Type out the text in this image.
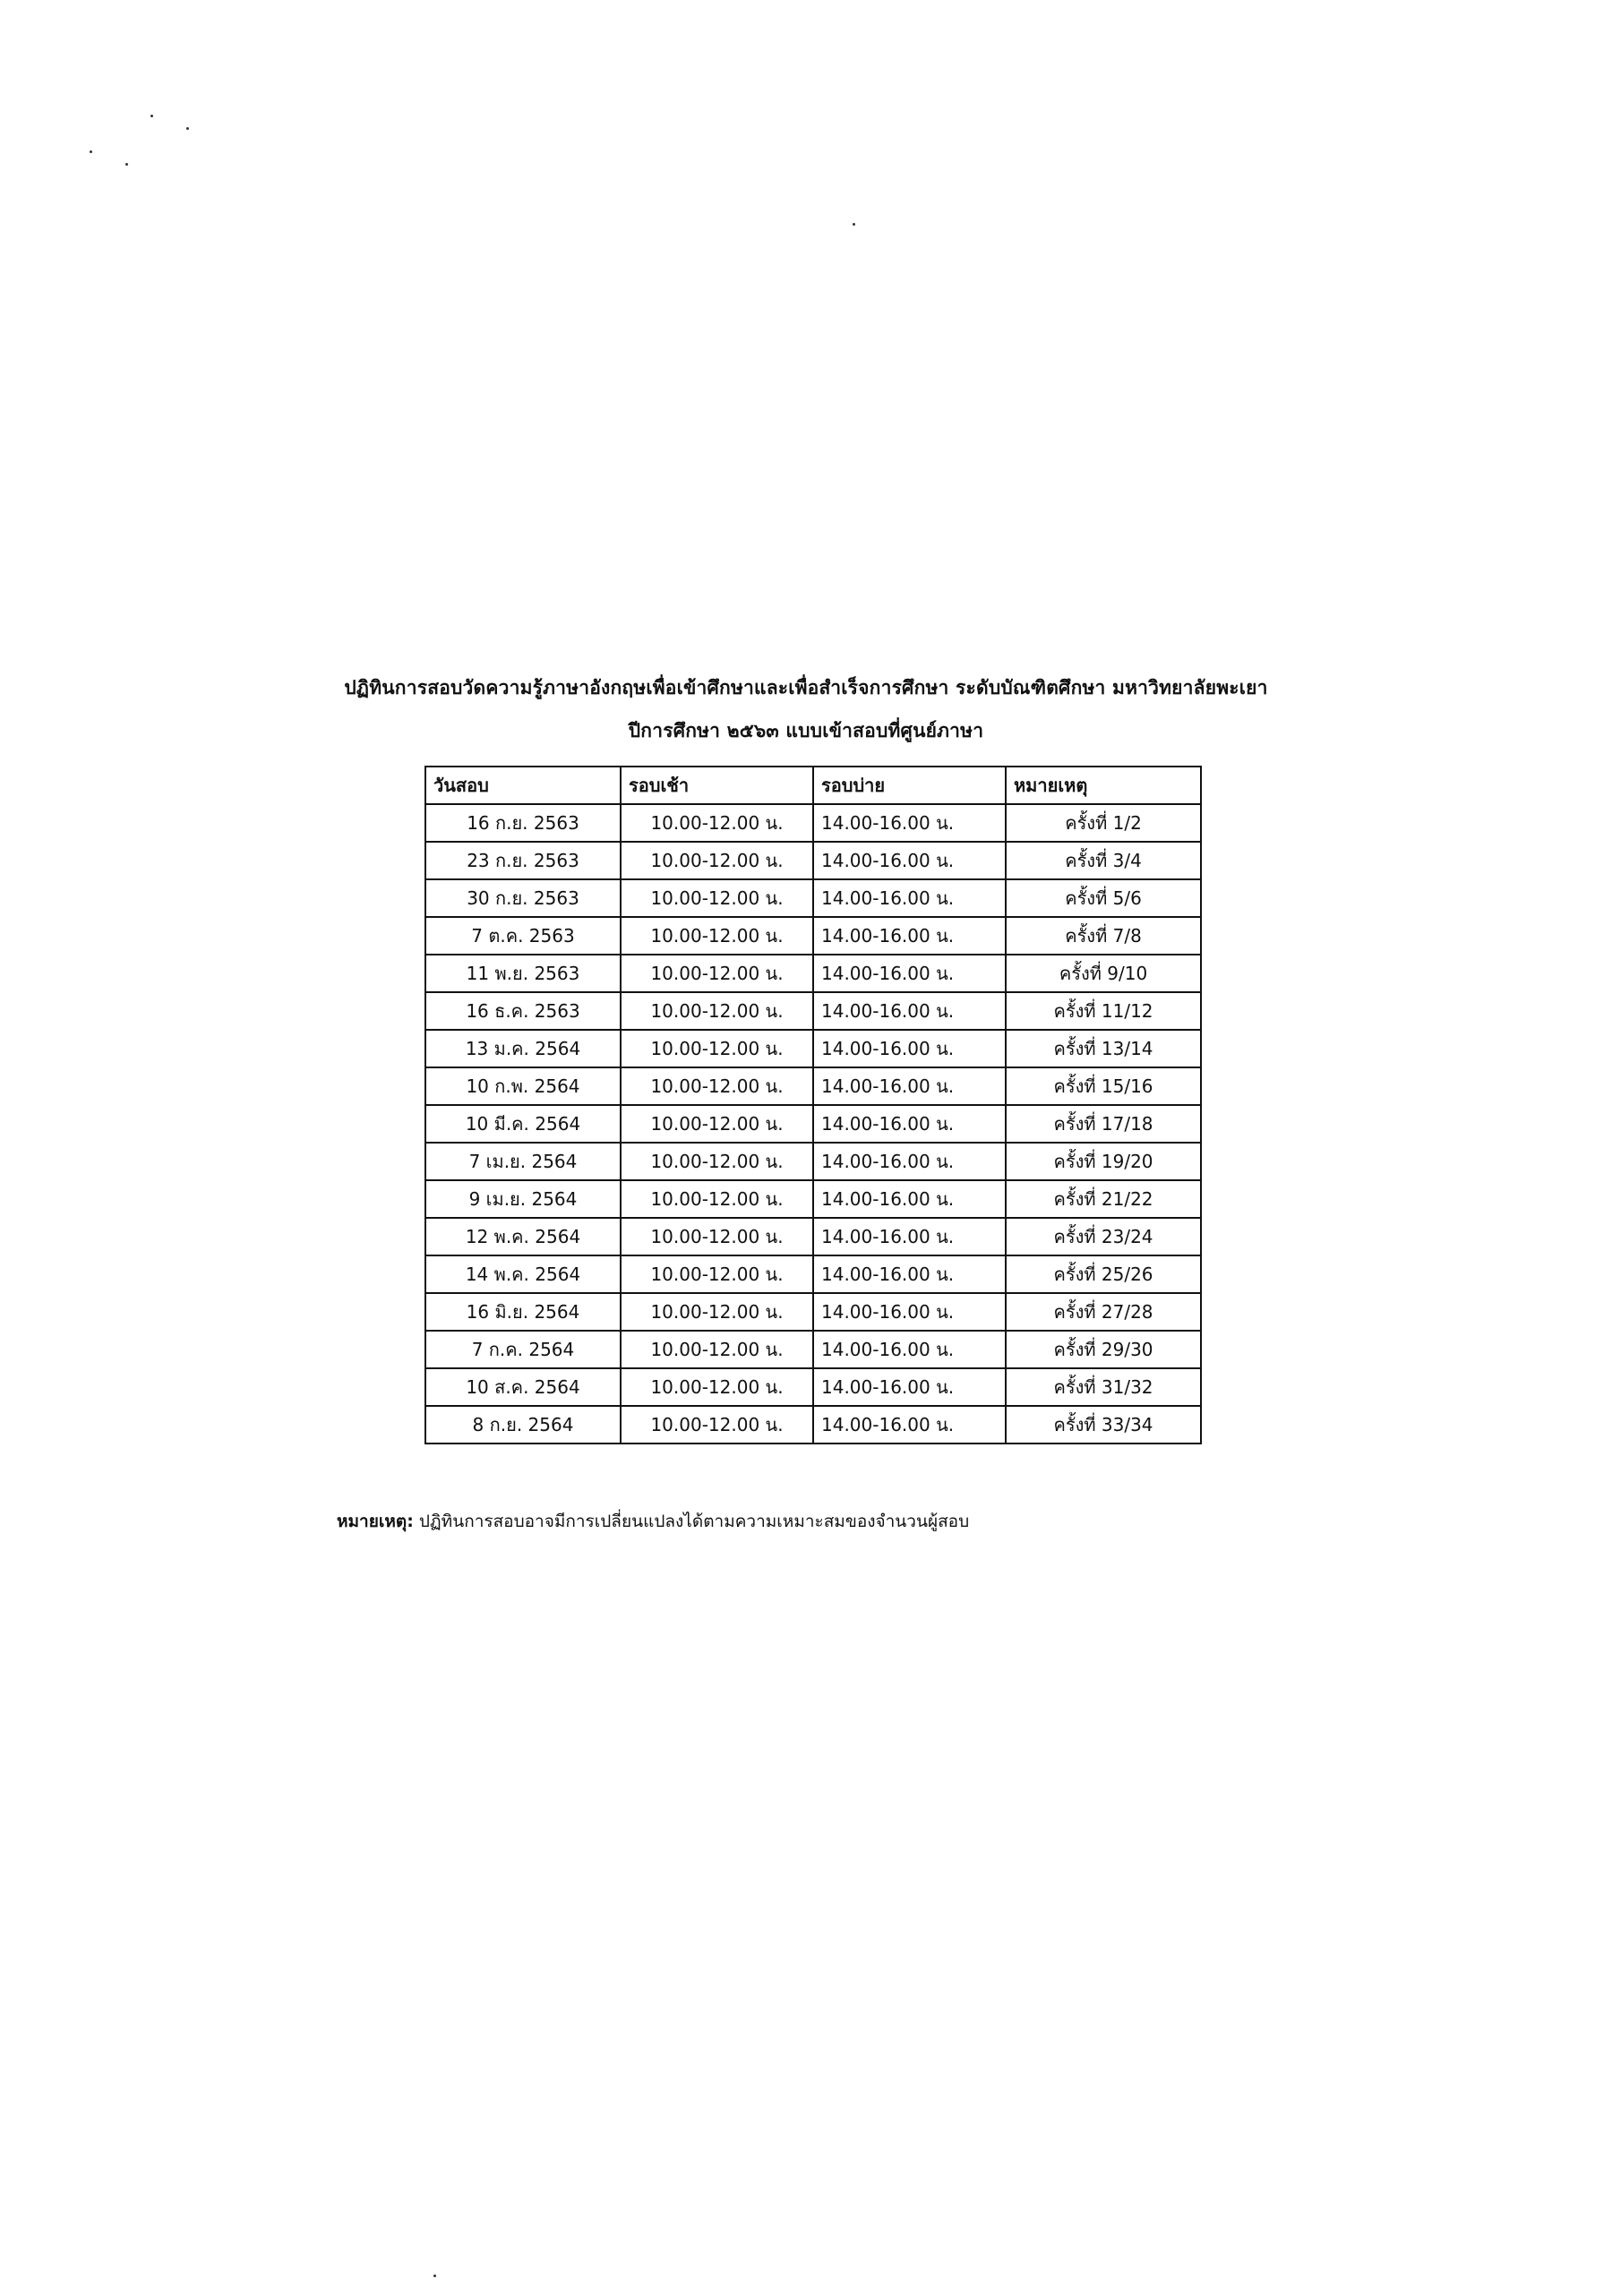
ปฏิทินการสอบวัดความรู้ภาษาอังกฤษเพื่อเข้าศึกษาและเพื่อสำเร็จการศึกษา ระดับบัณฑิตศึกษา มหาวิทยาลัยพะเยา
ปีการศึกษา ๒๕๖๓ แบบเข้าสอบที่ศูนย์ภาษา
วันสอบ	รอบเช้า	รอบบ่าย	หมายเหตุ
16 ก.ย. 2563	10.00-12.00 น.	14.00-16.00 น.	ครั้งที่ 1/2
23 ก.ย. 2563	10.00-12.00 น.	14.00-16.00 น.	ครั้งที่ 3/4
30 ก.ย. 2563	10.00-12.00 น.	14.00-16.00 น.	ครั้งที่ 5/6
7 ต.ค. 2563	10.00-12.00 น.	14.00-16.00 น.	ครั้งที่ 7/8
11 พ.ย. 2563	10.00-12.00 น.	14.00-16.00 น.	ครั้งที่ 9/10
16 ธ.ค. 2563	10.00-12.00 น.	14.00-16.00 น.	ครั้งที่ 11/12
13 ม.ค. 2564	10.00-12.00 น.	14.00-16.00 น.	ครั้งที่ 13/14
10 ก.พ. 2564	10.00-12.00 น.	14.00-16.00 น.	ครั้งที่ 15/16
10 มี.ค. 2564	10.00-12.00 น.	14.00-16.00 น.	ครั้งที่ 17/18
7 เม.ย. 2564	10.00-12.00 น.	14.00-16.00 น.	ครั้งที่ 19/20
9 เม.ย. 2564	10.00-12.00 น.	14.00-16.00 น.	ครั้งที่ 21/22
12 พ.ค. 2564	10.00-12.00 น.	14.00-16.00 น.	ครั้งที่ 23/24
14 พ.ค. 2564	10.00-12.00 น.	14.00-16.00 น.	ครั้งที่ 25/26
16 มิ.ย. 2564	10.00-12.00 น.	14.00-16.00 น.	ครั้งที่ 27/28
7 ก.ค. 2564	10.00-12.00 น.	14.00-16.00 น.	ครั้งที่ 29/30
10 ส.ค. 2564	10.00-12.00 น.	14.00-16.00 น.	ครั้งที่ 31/32
8 ก.ย. 2564	10.00-12.00 น.	14.00-16.00 น.	ครั้งที่ 33/34
หมายเหตุ: ปฏิทินการสอบอาจมีการเปลี่ยนแปลงได้ตามความเหมาะสมของจำนวนผู้สอบ
